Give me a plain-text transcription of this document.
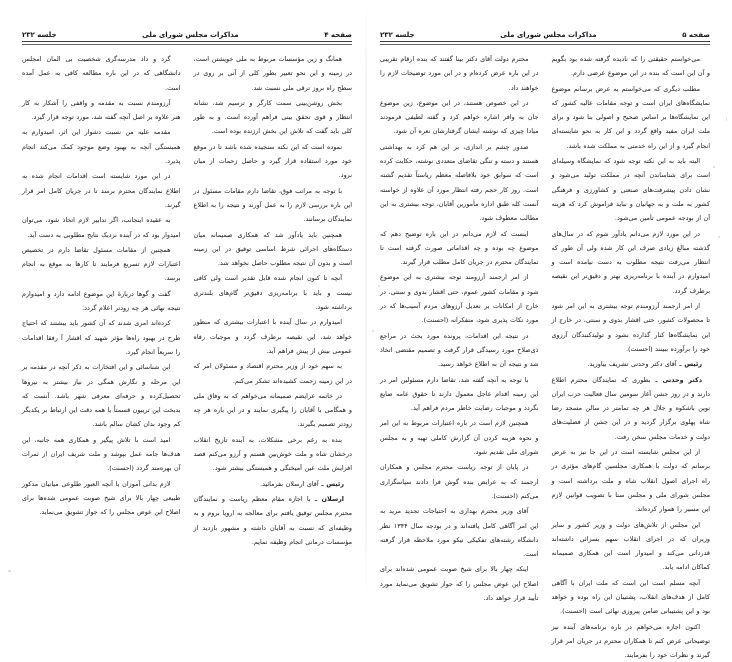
صفحه ۵
مذاکرات مجلس شورای ملی
جلسه ۲۳۲

می‌خواستم حقیقتی را که نادیده گرفته شده بود بگویم و آن این است که بنده در این موضوع عرضی دارم.

مطلب دیگری که می‌خواستم به عرض برسانم موضوع نمایشگاه‌های ایران است و توجه مقامات عالیه کشور که این نمایشگاه‌ها بر اساس صحیح و اصولی بنا شود و برای ملت ایران مفید واقع گردد و این کار به نحو شایسته‌ای انجام گیرد و از این راه خدمتی به مملکت شده باشد.

البته باید به این نکته توجه شود که نمایشگاه وسیله‌ای است برای شناساندن آنچه در مملکت تولید می‌شود و نشان دادن پیشرفت‌های صنعتی و کشاورزی و فرهنگی کشور به ملت و به جهانیان و نباید فراموش کرد که هزینه آن از بودجه عمومی تأمین می‌شود.

در این مورد لازم می‌دانم یادآور شوم که در سال‌های گذشته مبالغ زیادی صرف این کار شده ولی آن طور که انتظار می‌رفت نتیجه مطلوب به دست نیامده است و امیدوارم در آینده با برنامه‌ریزی بهتر و دقیق‌تر این نقیصه برطرف گردد.

از امر ارجمند آرزومندم توجه بیشتری به این امر شود تا محصولات کشور، حتی اقشار بدوی و سنتی، در خارج از این نمایشگاه‌ها کنار گذارده نشود و تولیدکنندگان آرزوی خود را برآورده ببینند (احسنت).

رئیس ـ آقای دکتر وحدتی تشریف بیاورید.

دکتر وحدتی ـ بطوری که نمایندگان محترم اطلاع دارند و در روز جشن آغاز سومین سال فعالیت حزب ایران نوین باشکوه و جلال هر چه تمامتر در سالن مسجد رضا شاه پهلوی برگزار گردید و در این جشن از فضلیت‌های دولت و خدمات مجلس سخن رفت.

از این مجلس شایسته است در این جا نیز به عرض برسانم که دولت با همکاری مجلسین گام‌های مؤثری در راه اجرای اصول انقلاب شاه و ملت برداشته است و مجلس شورای ملی و مجلس سنا با تصویب قوانین لازم این مسیر را هموار کرده‌اند.

این مجلس از تلاش‌های دولت و وزیر کشور و سایر وزیران که در اجرای انقلاب سهم بسزائی داشته‌اند قدردانی می‌کند و امیدوار است این همکاری صمیمانه کماکان ادامه یابد.

آنچه مسلم است این است که ملت ایران با آگاهی کامل از هدف‌های انقلاب، پشتیبان این راه بوده و خواهد بود و این پشتیبانی ضامن پیروزی نهائی است (احسنت).

اکنون اجازه می‌خواهم در باره برنامه‌های آینده نیز توضیحاتی عرض کنم تا همکاران محترم در جریان امر قرار گیرند و نظرات خود را بفرمایند.

محترم دولت آقای دکتر بینا گفتند که بنده ارقام تقریبی در این باره عرض کرده‌ام و در این مورد توضیحات لازم را خواهند داد.

در این خصوص هستند، در این موضوع، زین موضوع جان به وافر اشاره خواهم کرد و گفته لطیفی فرمودند مبادا چیزی که نوشته ایشان گرفتارشان نعره آن شود.

صدور چشم بر اندازی، بر این هم کرد به بهداشتی هستند و دسته و تنگی تقاضای متعددی نوشته، حکایت کرده است که سوابق خود بلافاصله معظم ریاستاً تقدیم گشته است. روز کار حجم رفته انتظار مورد آن علاوه از خواسته آنست کله طبق اداره مأمورین آقایان، توجه بیشتری به این مطالب معطوف شود.

اینست که لازم می‌دانم در این باره توضیح دهم که موضوع چه بوده و چه اقداماتی صورت گرفته است تا نمایندگان محترم در جریان کامل مطلب قرار گیرند.

از امر ارجمند آرزومند توجه بیشتری به این موضوع شود و مقامات کشور عموم، حتی اقشار بدوی و سنتی، در خارج از امکانات بر تعدیل آرزوهای مردم آسیب‌ها که در مورد نکات پذیری شود، متفکرانه (احسنت).

در نتیجه این اقدامات، پرونده مورد بحث در مراجع ذی‌صلاح مورد رسیدگی قرار گرفت و تصمیم مقتضی اتخاذ شد و نتیجه آن به اطلاع خواهد رسید.

با توجه به آنچه گفته شد، تقاضا دارم مسئولین امر در این زمینه اقدام عاجل معمول دارند تا حقوق عامه ضایع نگردد و موجبات رضایت خاطر مردم فراهم آید.

همچنین لازم است در باره اعتبارات مربوط به این امر و نحوه هزینه کردن آن گزارش کاملی تهیه و به مجلس شورای ملی تقدیم شود.

در پایان از توجه ریاست محترم مجلس و همکاران ارجمند که به عرایض بنده گوش فرا دادند سپاسگزاری می‌کنم (احسنت).

آقای وزیر محترم بهداری به احتیاجات تجدید مرید به این امر آگاهی کامل یافته‌اند و در بودجه سال ۱۳۴۴ نظر دانشگاه رشته‌های تفکیکی نیکو مورد ملاحظه قرار گرفته است.

اینکه چهار بالا برای شیخ صوبت عمومی شده‌اند برای اصلاح این عوض مجلس را که جواز تشویق می‌نماید مورد تأیید قرار خواهد داد.

صفحه ۴
مذاکرات مجلس شورای ملی
جلسه ۲۳۲

همانگ و زین مؤسسات مربوط به ملی خویشتن است، در زمینه و این نحو تعبیر بطور کلی از آنی بر روی در سطح راه بروز ترقی ملی نسبت شد.

بخش روشن‌بینی سمت کارگر و ترسیم شد، نشانه انتظار و قوی تحقق بینی فراهم آورده است. و به طور کلی باید گفت که تلاش این بخش ارزنده بوده است.

نموده است که این نکته سنجیده شده باشد تا در موقع خود مورد استفاده قرار گیرد و حاصل زحمات از میان نرود.

با توجه به مراتب فوق، تقاضا دارم مقامات مسئول در این باره بررسی لازم را به عمل آورند و نتیجه را به اطلاع نمایندگان برسانند.

همچنین باید یادآور شد که همکاری صمیمانه میان دستگاه‌های اجرائی شرط اساسی توفیق در این زمینه است و بدون آن نتیجه مطلوب حاصل نخواهد شد.

آنچه تا کنون انجام شده قابل تقدیر است ولی کافی نیست و باید با برنامه‌ریزی دقیق‌تر گام‌های بلندتری برداشته شود.

امیدوارم در سال آینده با اعتبارات بیشتری که منظور خواهد شد، این نقیصه برطرف گردد و موجبات رفاه عمومی بیش از پیش فراهم آید.

به سهم خود از وزیر محترم اقتصاد و مسئولان امر که در این زمینه زحمت کشیده‌اند تشکر می‌کنم.

در خاتمه عرایضم صمیمانه می‌خواهم که به وفاق ملی و همگامی با آقایان را پیگیری نمایند و در این باره هر چه زودتر تصمیم بگیرند.

بنده به رغم برخی مشکلات، به آینده تاریخ انقلاب درخشان شاه و ملت خوش‌بین هستم و آرزو می‌کنم قصد افزایش ملت عین آمیختگی و همبستگی بیشتر شود.

رئیس ـ آقای ارسلان بفرمائید.

ارسلان ـ با اجازه مقام معظم ریاست و نمایندگان محترم مجلس توفیق یافتم برای معالجه به اروپا بروم و به وظیفه‌ای که نسبت به آقایان داشته و مشهور بازدید از مؤسسات درمانی انجام وظیفه نمایم.

گرد و داد مدرسه‌گری شخصیت بی المان امجلس دانشگاهی که در این باره مطالعه کافی به عمل آمده است.

آرزومندم نسبت به مقدمه و واقفی را آشکار به کار هنر علاوه بر اصل آنچه گفته شد، مورد توجه قرار گیرد.

مقدمه علیه من نسبت دشوار این اثر، امیدوارم به همبستگی آنچه به بهبود وضع موجود کمک می‌کند انجام پذیرد.

در این مورد شایسته است اقدامات انجام شده به اطلاع نمایندگان محترم برسد تا در جریان کامل امر قرار گیرند.

به عقیده اینجانب، اگر تدابیر لازم اتخاذ شود، می‌توان امیدوار بود که در آینده نزدیک نتایج مطلوبی به دست آید.

همچنین از مقامات مسئول تقاضا دارم در تخصیص اعتبارات لازم تسریع فرمایند تا کارها به موقع به انجام برسد.

گفت و گوها دربارهٔ این موضوع ادامه دارد و امیدوارم نتیجه نهائی هر چه زودتر اعلام گردد.

کرده‌اند امری شدند که آن کشور باید بیشتند که احتیاج طرح در بهبود راه‌ها مؤثر شهید که اقشار آ رفقا اقدامات را سریعاً انجام گیرد.

این شناسائی و این افتخارات به ذکر آنچه در مقدمه بر این مرحله و نگارش همگی در نیاز بیشتر به نیروها تحصیل‌کرده و حرفه‌ای معرفی شهر باشد. آنست که بدبخت این تریبون قسمتاً یا همه دقت این ارتباط بر یکدیگر کم وجود بدان کشان سالم باشد.

امید است با تلاش پیگیر و همکاری همه جانبه، این هدف‌ها جامه عمل بپوشد و ملت شریف ایران از ثمرات آن بهره‌مند گردد (احسنت).

لازم بدانی آموزان با آنچه العبور طلوعی میانیان مدکور طبیعی چهار بالا برای شیخ صوبت عمومی شده‌ها برای اصلاح این عوض مجلس را که جواز تشویق می‌نماید.
